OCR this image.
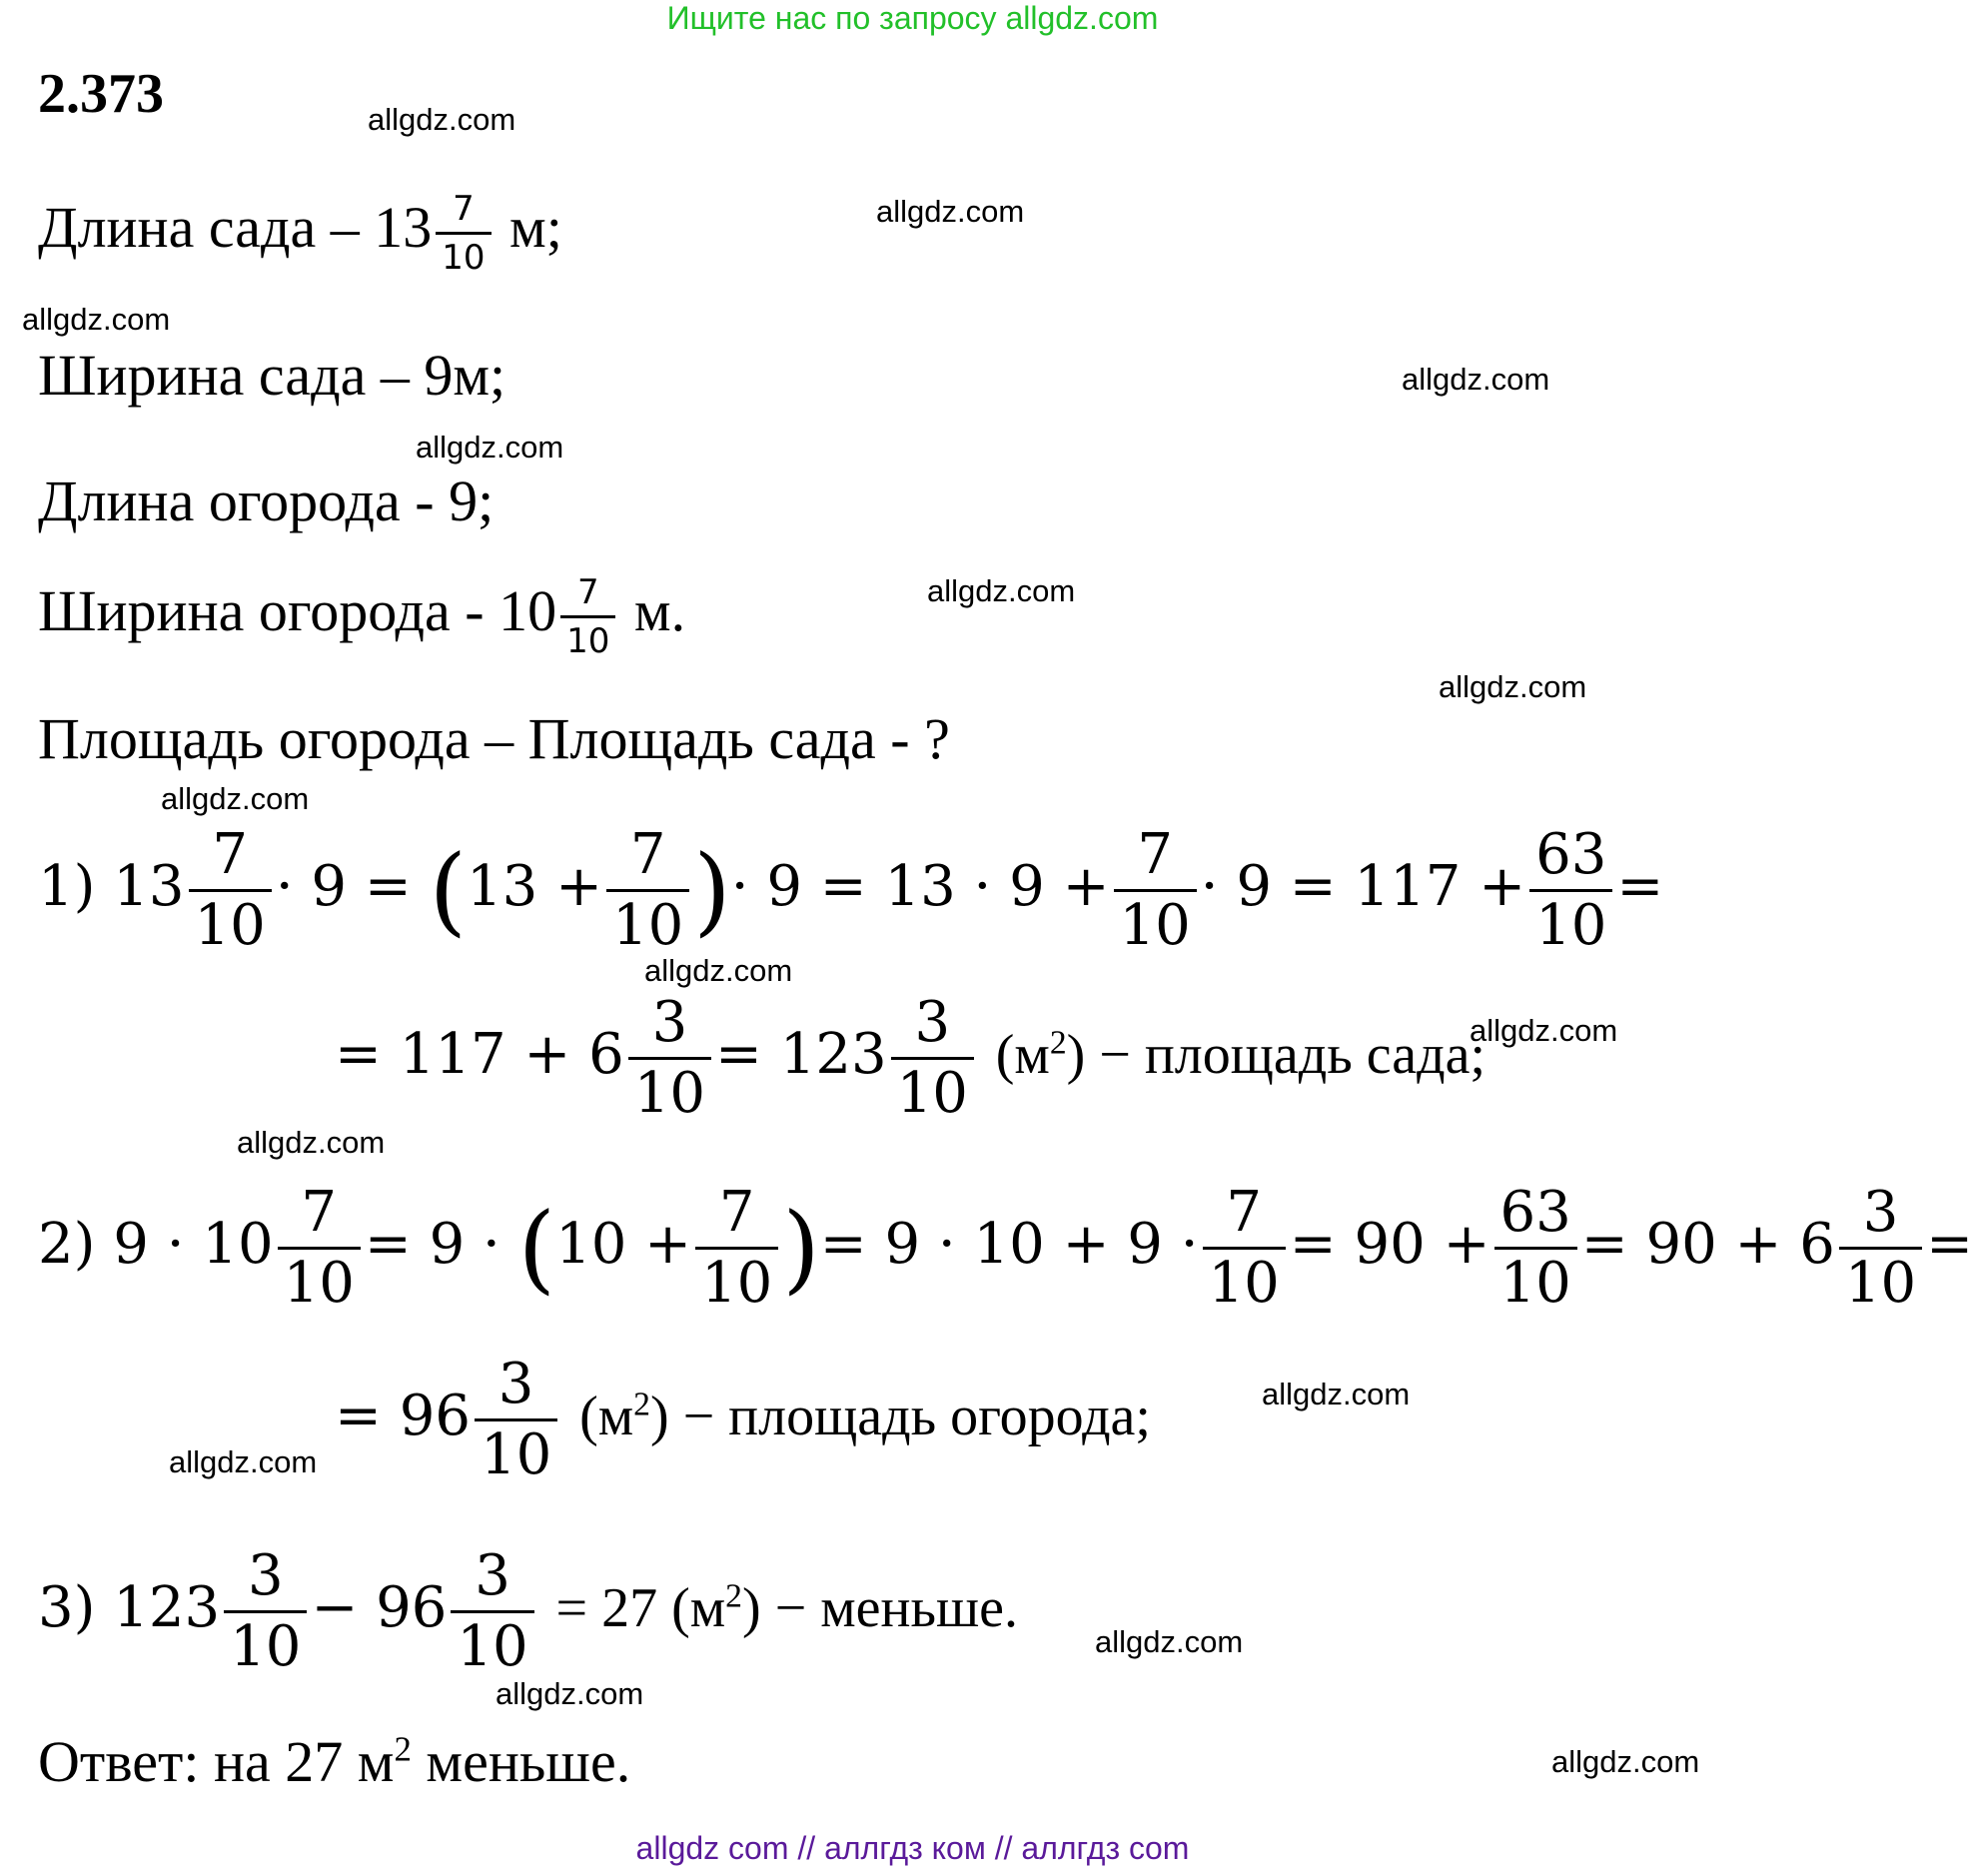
Ищите нас по запросу allgdz.com
2.373	allgdz.com
allgdz.com
allgdz.com
allgdz.com
allgdz.com
allgdz.com
allgdz.com
allgdz.com
allgdz.com
allgdz.com
allgdz.com
allgdz.com
allgdz.com
allgdz.com
allgdz.com
allgdz.com
Длина сада – $13 \frac{7}{10} м$;
Ширина сада – 9м;
Длина огорода - 9;
Ширина огорода - $10 \frac{7}{10} м$.
Площадь огорода – Площадь сада - ?
1) $13 \frac{7}{10} \cdot 9 = (13 + \frac{7}{10}$ )· $9 = 13 \cdot 9 + \frac{7}{10} \cdot 9 = 117 + \frac{63}{10}$ =
= $117 + 6 \frac{3}{10} = 123 \frac{3}{10} (м^2)$ − площадь сада;
2) $9 \cdot 10 \frac{7}{10} = 9 \cdot (10 + \frac{7}{10}$ )= $9 \cdot 10 + 9 \cdot \frac{7}{10} = 90 + \frac{63}{10} = 90 + 6 \frac{3}{10}$ =
= $96 \frac{3}{10} (м^2)$ − площадь огорода;
3) $123 \frac{3}{10} - 96 \frac{3}{10} = 27$ $(м^2)$ − меньше.
Ответ: на 27 $м^2$ меньше.
allgdz com // аллгдз ком // аллгдз com
